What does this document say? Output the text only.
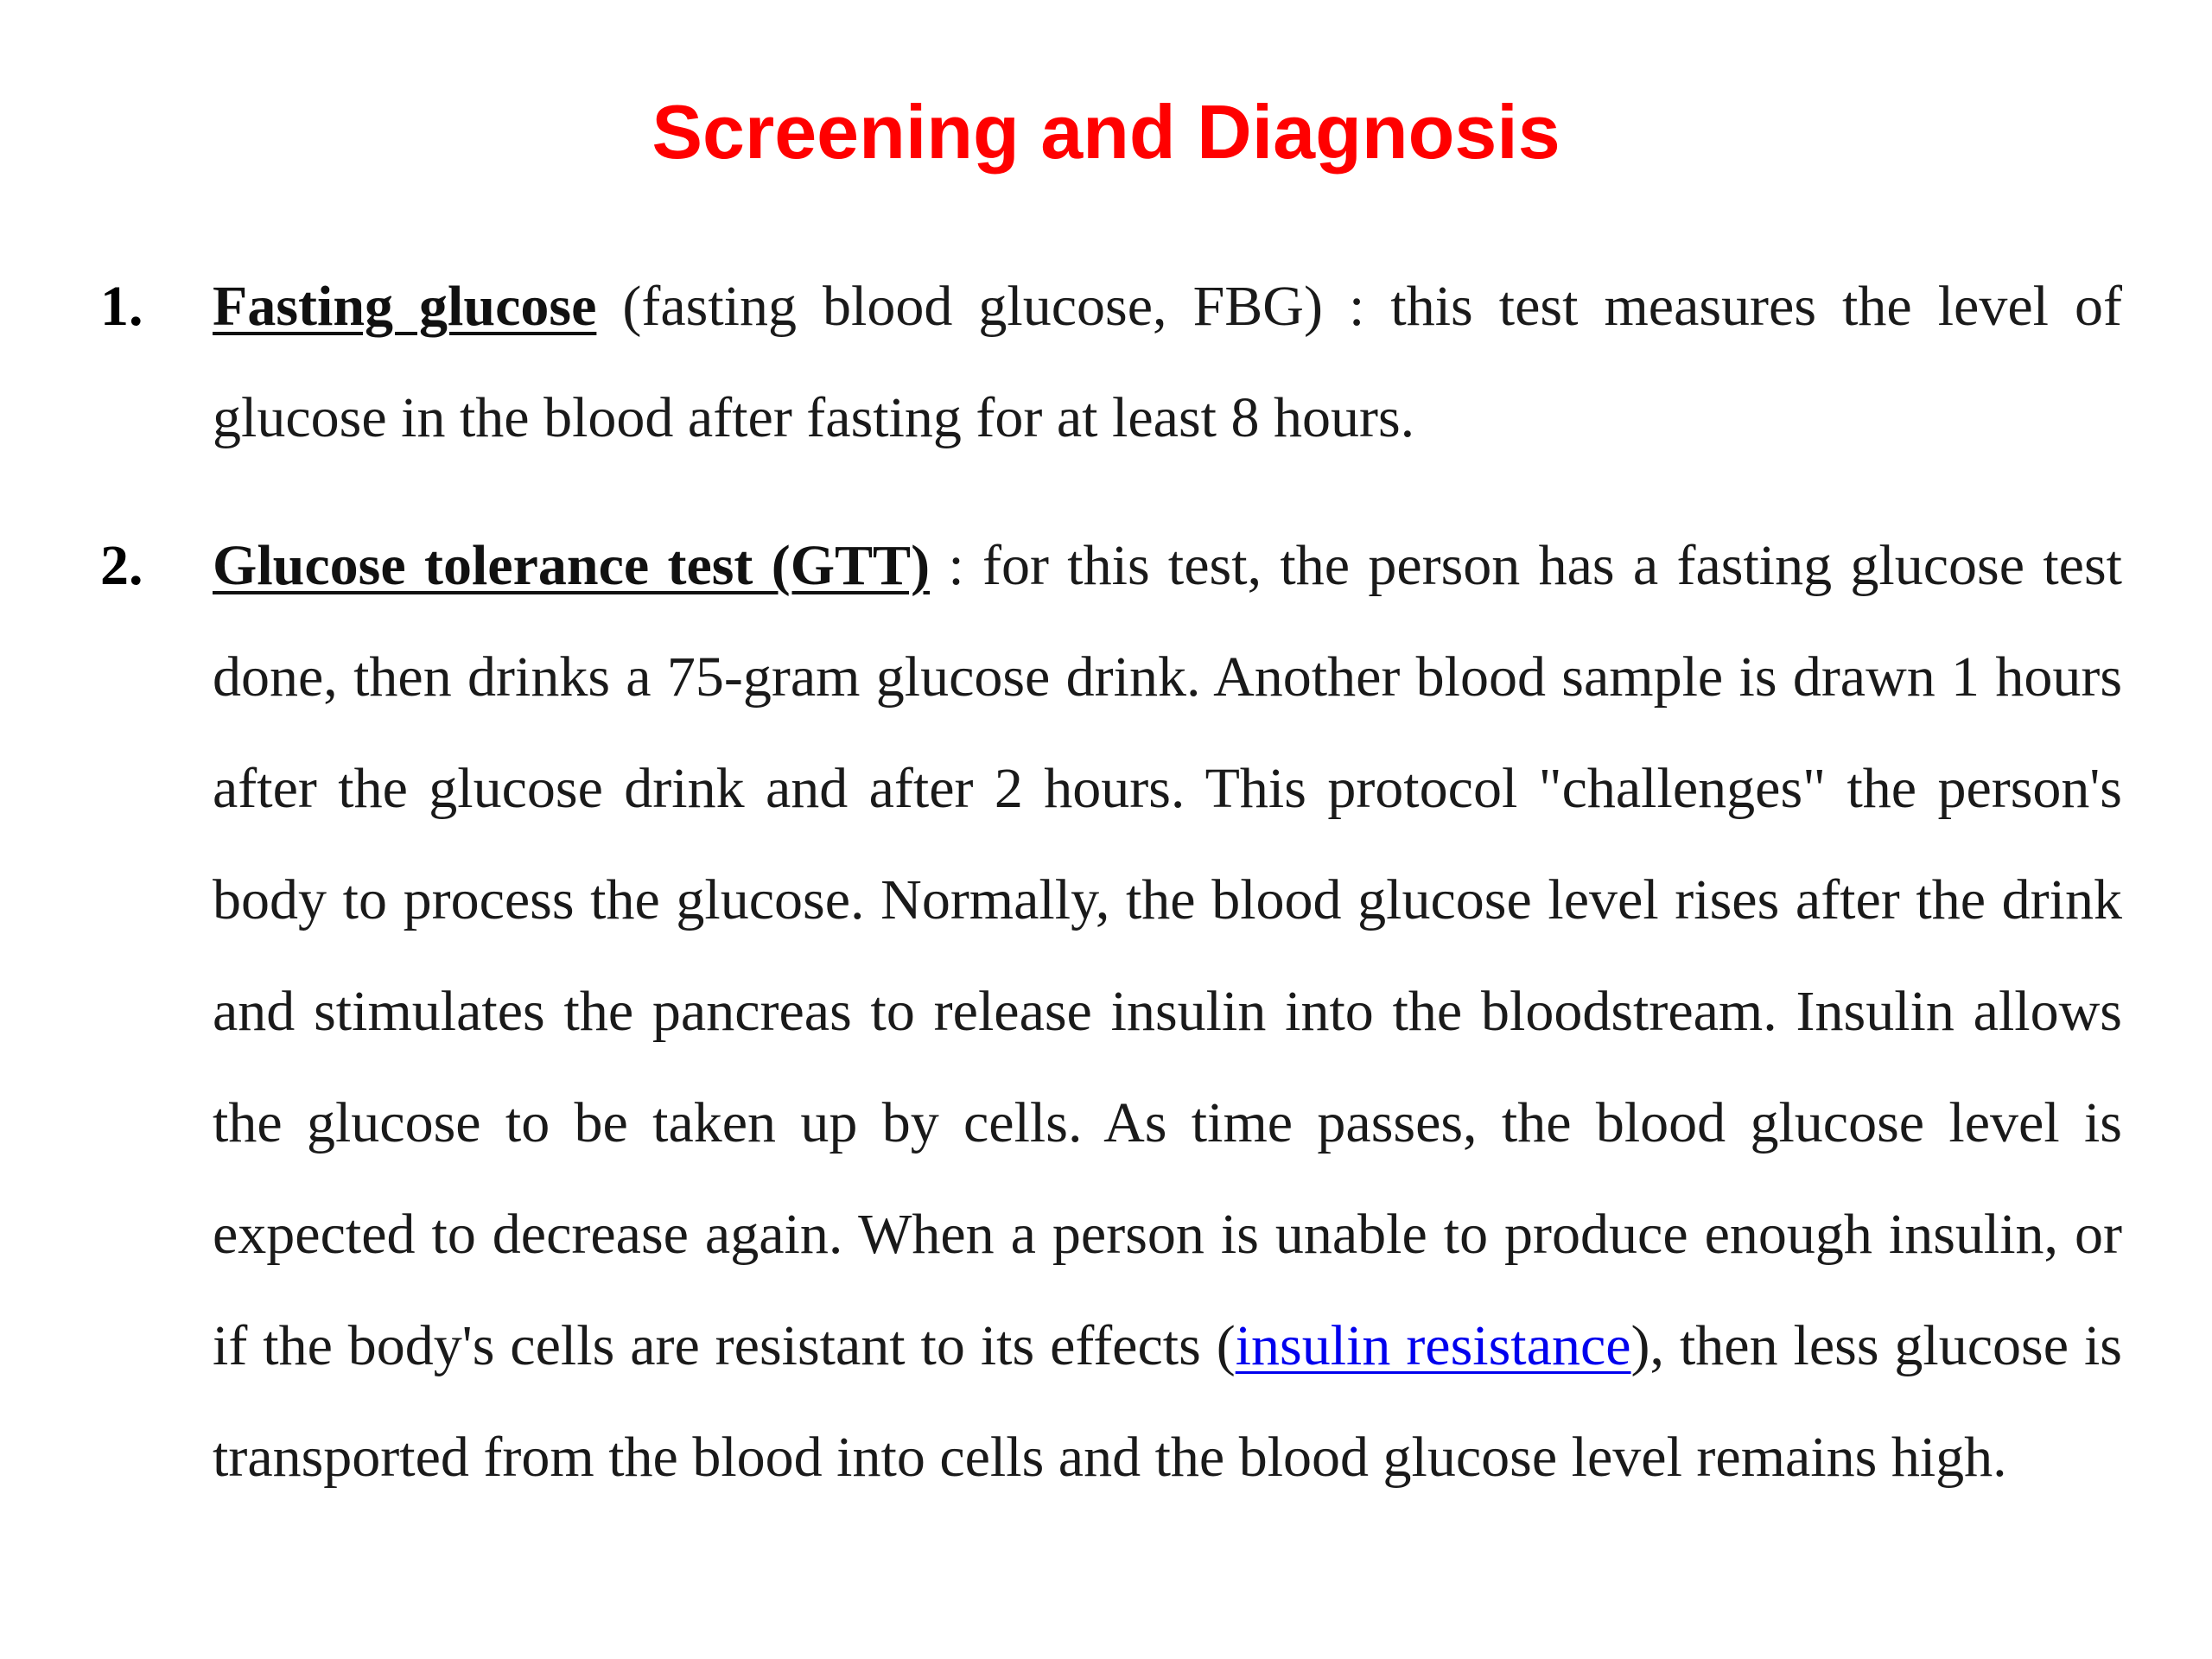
Screening and Diagnosis
1. Fasting glucose (fasting blood glucose, FBG) : this test measures the level of glucose in the blood after fasting for at least 8 hours.

2. Glucose tolerance test (GTT) : for this test, the person has a fasting glucose test done, then drinks a 75-gram glucose drink. Another blood sample is drawn 1 hours after the glucose drink and after 2 hours. This protocol "challenges" the person's body to process the glucose. Normally, the blood glucose level rises after the drink and stimulates the pancreas to release insulin into the bloodstream. Insulin allows the glucose to be taken up by cells. As time passes, the blood glucose level is expected to decrease again. When a person is unable to produce enough insulin, or if the body's cells are resistant to its effects (insulin resistance), then less glucose is transported from the blood into cells and the blood glucose level remains high.
